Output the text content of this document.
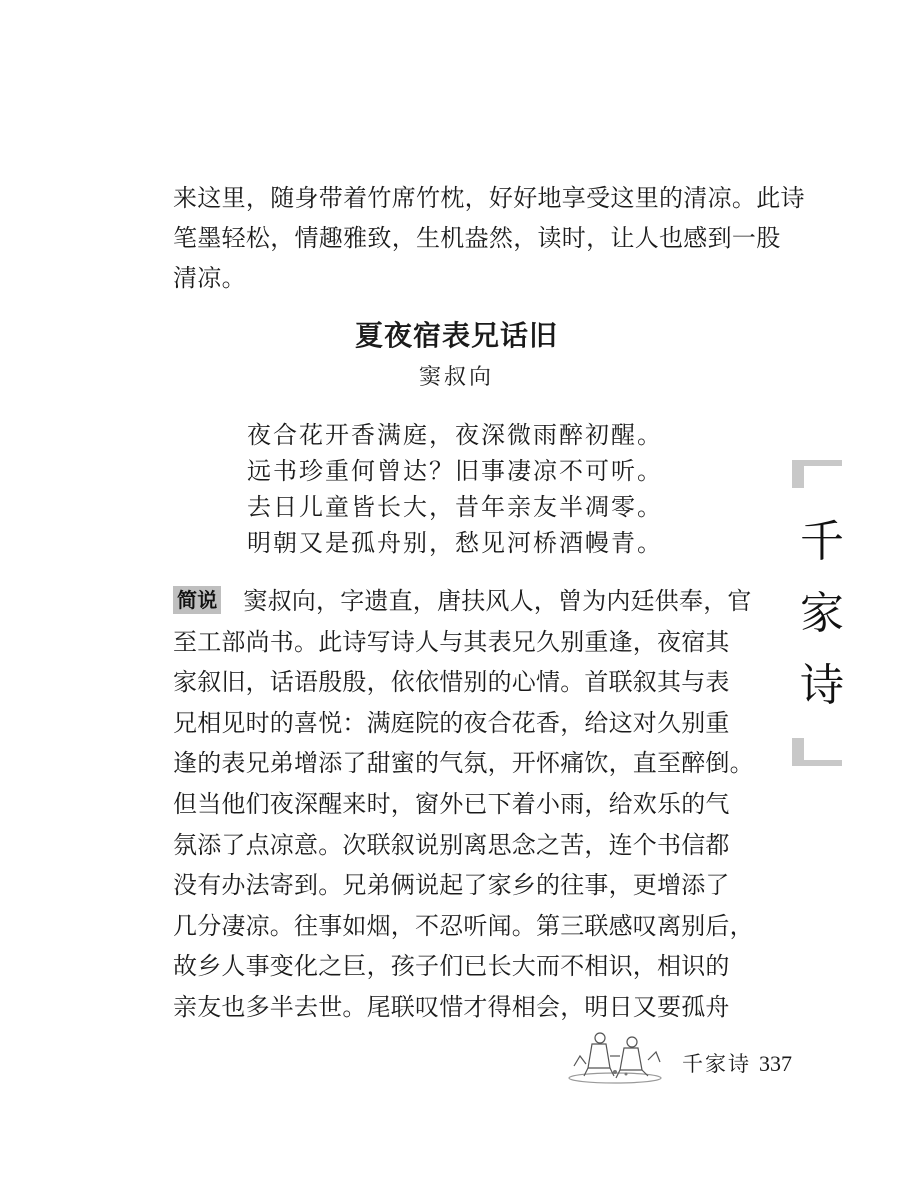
来这里，随身带着竹席竹枕，好好地享受这里的清凉。此诗

笔墨轻松，情趣雅致，生机盎然，读时，让人也感到一股

清凉。

夏夜宿表兄话旧
窦叔向
夜合花开香满庭，夜深微雨醉初醒。
远书珍重何曾达？旧事凄凉不可听。
去日儿童皆长大，昔年亲友半凋零。
明朝又是孤舟别，愁见河桥酒幔青。

简说 窦叔向，字遗直，唐扶风人，曾为内廷供奉，官

至工部尚书。此诗写诗人与其表兄久别重逢，夜宿其

家叙旧，话语殷殷，依依惜别的心情。首联叙其与表

兄相见时的喜悦：满庭院的夜合花香，给这对久别重

逢的表兄弟增添了甜蜜的气氛，开怀痛饮，直至醉倒。

但当他们夜深醒来时，窗外已下着小雨，给欢乐的气

氛添了点凉意。次联叙说别离思念之苦，连个书信都

没有办法寄到。兄弟俩说起了家乡的往事，更增添了

几分凄凉。往事如烟，不忍听闻。第三联感叹离别后，

故乡人事变化之巨，孩子们已长大而不相识，相识的

亲友也多半去世。尾联叹惜才得相会，明日又要孤舟

千
家
诗
千家诗 337
